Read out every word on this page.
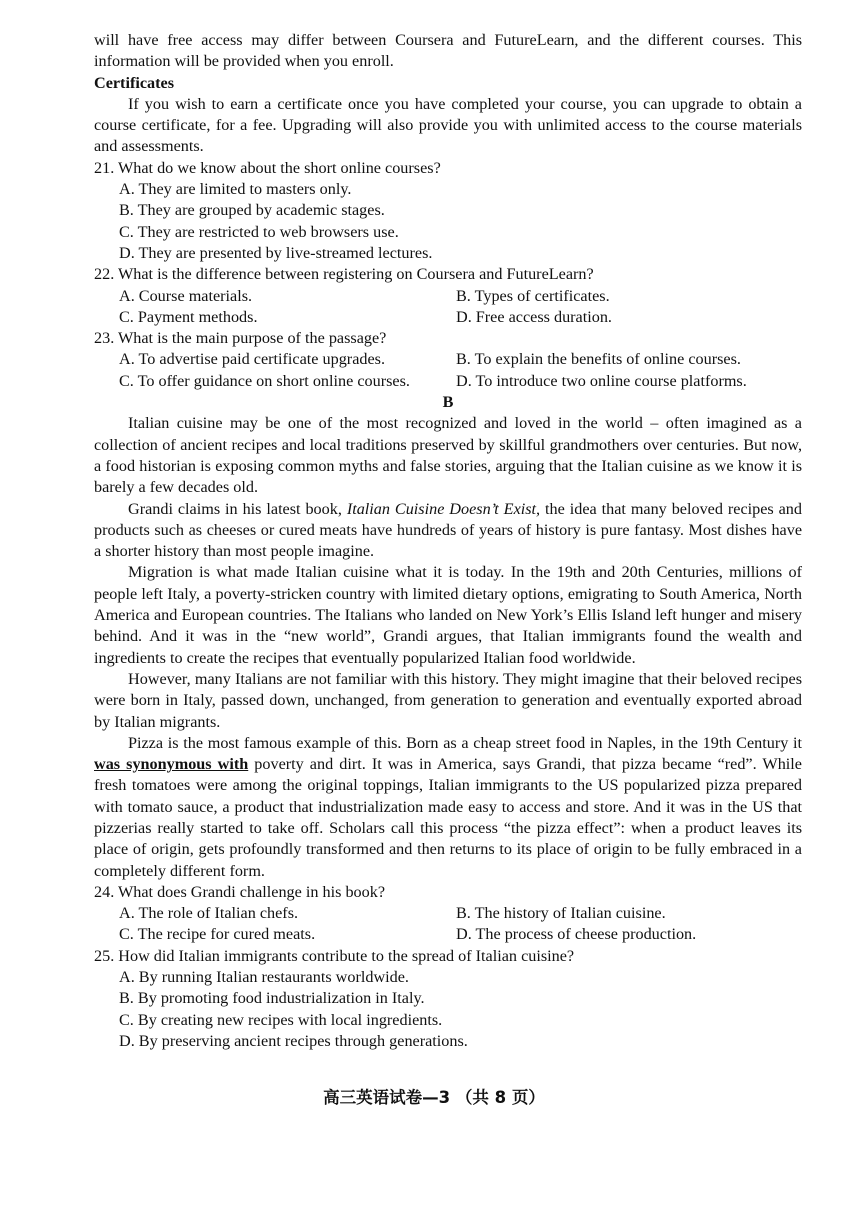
will have free access may differ between Coursera and FutureLearn, and the different courses. This information will be provided when you enroll.

Certificates

If you wish to earn a certificate once you have completed your course, you can upgrade to obtain a course certificate, for a fee. Upgrading will also provide you with unlimited access to the course materials and assessments.

21. What do we know about the short online courses?

A. They are limited to masters only.
B. They are grouped by academic stages.
C. They are restricted to web browsers use.
D. They are presented by live-streamed lectures.

22. What is the difference between registering on Coursera and FutureLearn?

A. Course materials.	B. Types of certificates.
C. Payment methods.	D. Free access duration.

23. What is the main purpose of the passage?

A. To advertise paid certificate upgrades.	B. To explain the benefits of online courses.
C. To offer guidance on short online courses.	D. To introduce two online course platforms.

B

Italian cuisine may be one of the most recognized and loved in the world – often imagined as a collection of ancient recipes and local traditions preserved by skillful grandmothers over centuries. But now, a food historian is exposing common myths and false stories, arguing that the Italian cuisine as we know it is barely a few decades old.

Grandi claims in his latest book, Italian Cuisine Doesn’t Exist, the idea that many beloved recipes and products such as cheeses or cured meats have hundreds of years of history is pure fantasy. Most dishes have a shorter history than most people imagine.

Migration is what made Italian cuisine what it is today. In the 19th and 20th Centuries, millions of people left Italy, a poverty-stricken country with limited dietary options, emigrating to South America, North America and European countries. The Italians who landed on New York’s Ellis Island left hunger and misery behind. And it was in the “new world”, Grandi argues, that Italian immigrants found the wealth and ingredients to create the recipes that eventually popularized Italian food worldwide.

However, many Italians are not familiar with this history. They might imagine that their beloved recipes were born in Italy, passed down, unchanged, from generation to generation and eventually exported abroad by Italian migrants.

Pizza is the most famous example of this. Born as a cheap street food in Naples, in the 19th Century it was synonymous with poverty and dirt. It was in America, says Grandi, that pizza became “red”. While fresh tomatoes were among the original toppings, Italian immigrants to the US popularized pizza prepared with tomato sauce, a product that industrialization made easy to access and store. And it was in the US that pizzerias really started to take off. Scholars call this process “the pizza effect”: when a product leaves its place of origin, gets profoundly transformed and then returns to its place of origin to be fully embraced in a completely different form.

24. What does Grandi challenge in his book?

A. The role of Italian chefs.	B. The history of Italian cuisine.
C. The recipe for cured meats.	D. The process of cheese production.

25. How did Italian immigrants contribute to the spread of Italian cuisine?

A. By running Italian restaurants worldwide.
B. By promoting food industrialization in Italy.
C. By creating new recipes with local ingredients.
D. By preserving ancient recipes through generations.
高三英语试卷—3 （共 8 页）
